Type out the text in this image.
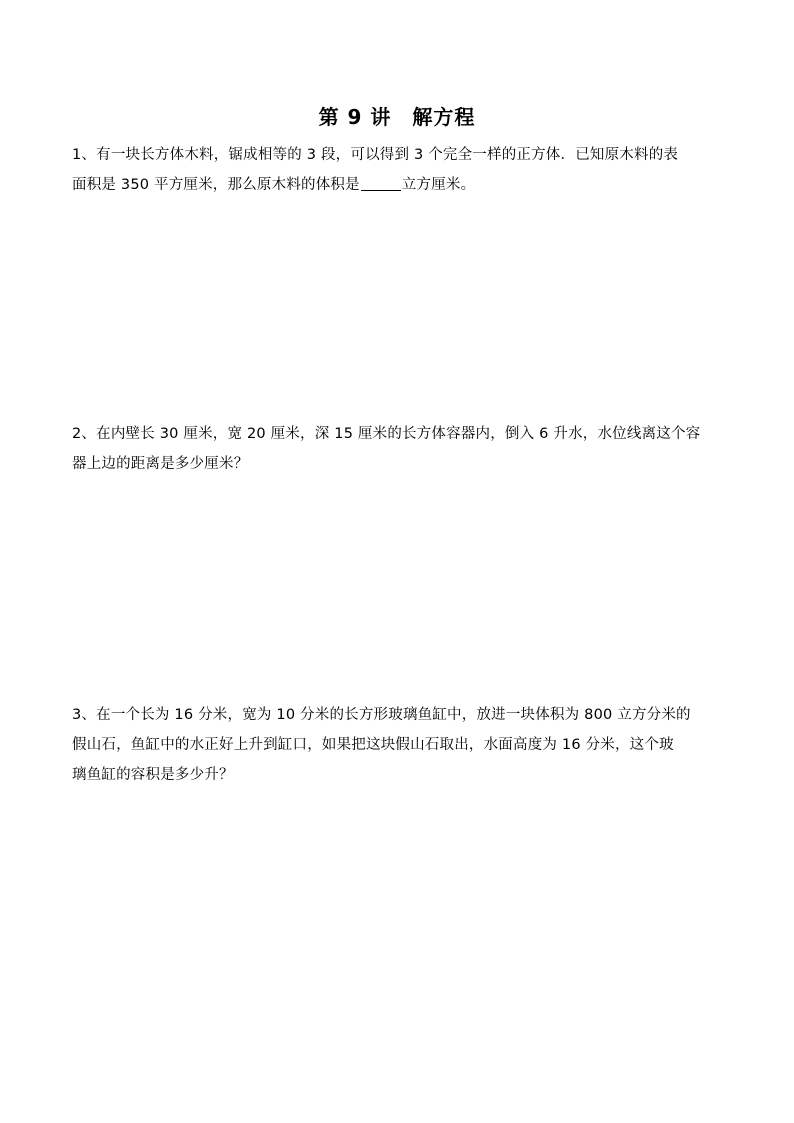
第 9 讲　解方程
1、有一块长方体木料，锯成相等的 3 段，可以得到 3 个完全一样的正方体．已知原木料的表
面积是 350 平方厘米，那么原木料的体积是	立方厘米。
2、在内壁长 30 厘米，宽 20 厘米，深 15 厘米的长方体容器内，倒入 6 升水，水位线离这个容
器上边的距离是多少厘米？
3、在一个长为 16 分米，宽为 10 分米的长方形玻璃鱼缸中，放进一块体积为 800 立方分米的
假山石，鱼缸中的水正好上升到缸口，如果把这块假山石取出，水面高度为 16 分米，这个玻
璃鱼缸的容积是多少升？
